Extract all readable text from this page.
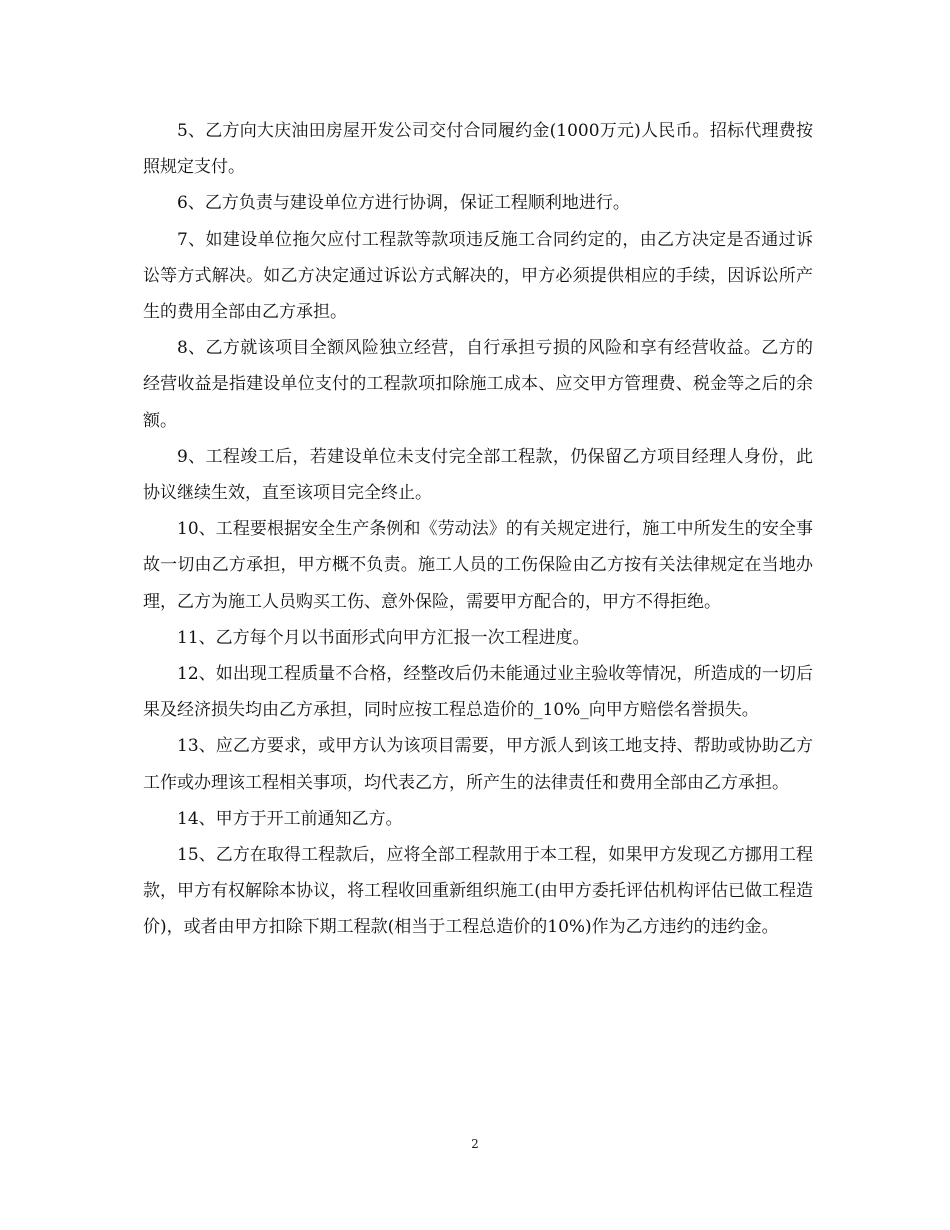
5、乙方向大庆油田房屋开发公司交付合同履约金(1000万元)人民币。招标代理费按照规定支付。

6、乙方负责与建设单位方进行协调，保证工程顺利地进行。

7、如建设单位拖欠应付工程款等款项违反施工合同约定的，由乙方决定是否通过诉讼等方式解决。如乙方决定通过诉讼方式解决的，甲方必须提供相应的手续，因诉讼所产生的费用全部由乙方承担。

8、乙方就该项目全额风险独立经营，自行承担亏损的风险和享有经营收益。乙方的经营收益是指建设单位支付的工程款项扣除施工成本、应交甲方管理费、税金等之后的余额。

9、工程竣工后，若建设单位未支付完全部工程款，仍保留乙方项目经理人身份，此协议继续生效，直至该项目完全终止。

10、工程要根据安全生产条例和《劳动法》的有关规定进行，施工中所发生的安全事故一切由乙方承担，甲方概不负责。施工人员的工伤保险由乙方按有关法律规定在当地办理，乙方为施工人员购买工伤、意外保险，需要甲方配合的，甲方不得拒绝。

11、乙方每个月以书面形式向甲方汇报一次工程进度。

12、如出现工程质量不合格，经整改后仍未能通过业主验收等情况，所造成的一切后果及经济损失均由乙方承担，同时应按工程总造价的_10%_向甲方赔偿名誉损失。

13、应乙方要求，或甲方认为该项目需要，甲方派人到该工地支持、帮助或协助乙方工作或办理该工程相关事项，均代表乙方，所产生的法律责任和费用全部由乙方承担。

14、甲方于开工前通知乙方。

15、乙方在取得工程款后，应将全部工程款用于本工程，如果甲方发现乙方挪用工程款，甲方有权解除本协议，将工程收回重新组织施工(由甲方委托评估机构评估已做工程造价)，或者由甲方扣除下期工程款(相当于工程总造价的10%)作为乙方违约的违约金。

2
